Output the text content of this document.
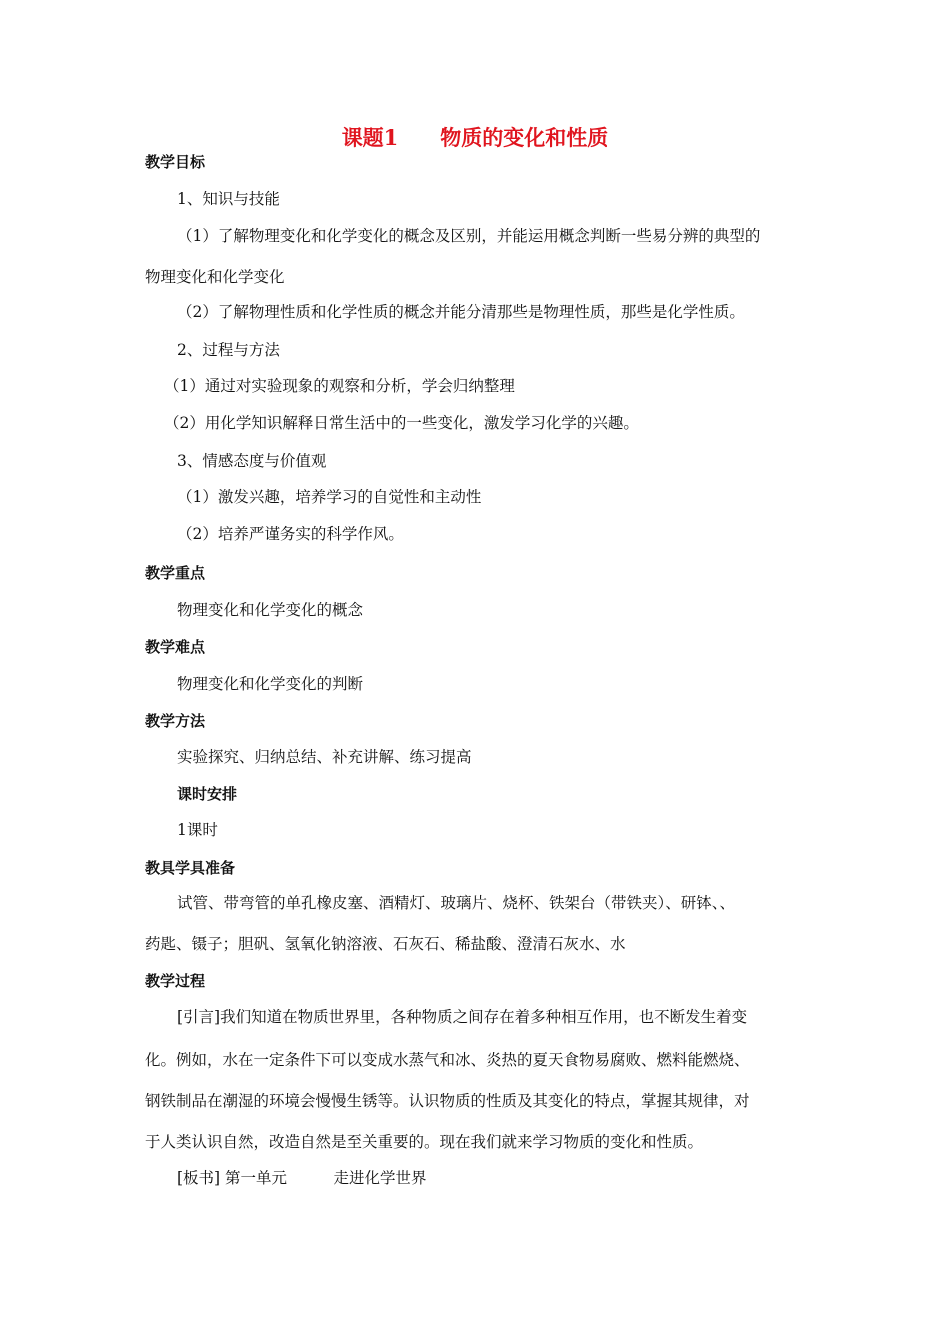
课题1　　物质的变化和性质
教学目标
1、知识与技能
（1）了解物理变化和化学变化的概念及区别，并能运用概念判断一些易分辨的典型的
物理变化和化学变化
（2）了解物理性质和化学性质的概念并能分清那些是物理性质，那些是化学性质。
2、过程与方法
（1）通过对实验现象的观察和分析，学会归纳整理
（2）用化学知识解释日常生活中的一些变化，激发学习化学的兴趣。
3、情感态度与价值观
（1）激发兴趣，培养学习的自觉性和主动性
（2）培养严谨务实的科学作风。
教学重点
物理变化和化学变化的概念
教学难点
物理变化和化学变化的判断
教学方法
实验探究、归纳总结、补充讲解、练习提高
课时安排
1课时
教具学具准备
试管、带弯管的单孔橡皮塞、酒精灯、玻璃片、烧杯、铁架台（带铁夹）、研钵、、
药匙、镊子；胆矾、氢氧化钠溶液、石灰石、稀盐酸、澄清石灰水、水
教学过程
[引言]我们知道在物质世界里，各种物质之间存在着多种相互作用，也不断发生着变
化。例如，水在一定条件下可以变成水蒸气和冰、炎热的夏天食物易腐败、燃料能燃烧、
钢铁制品在潮湿的环境会慢慢生锈等。认识物质的性质及其变化的特点，掌握其规律，对
于人类认识自然，改造自然是至关重要的。现在我们就来学习物质的变化和性质。
[板书] 第一单元　　　走进化学世界
